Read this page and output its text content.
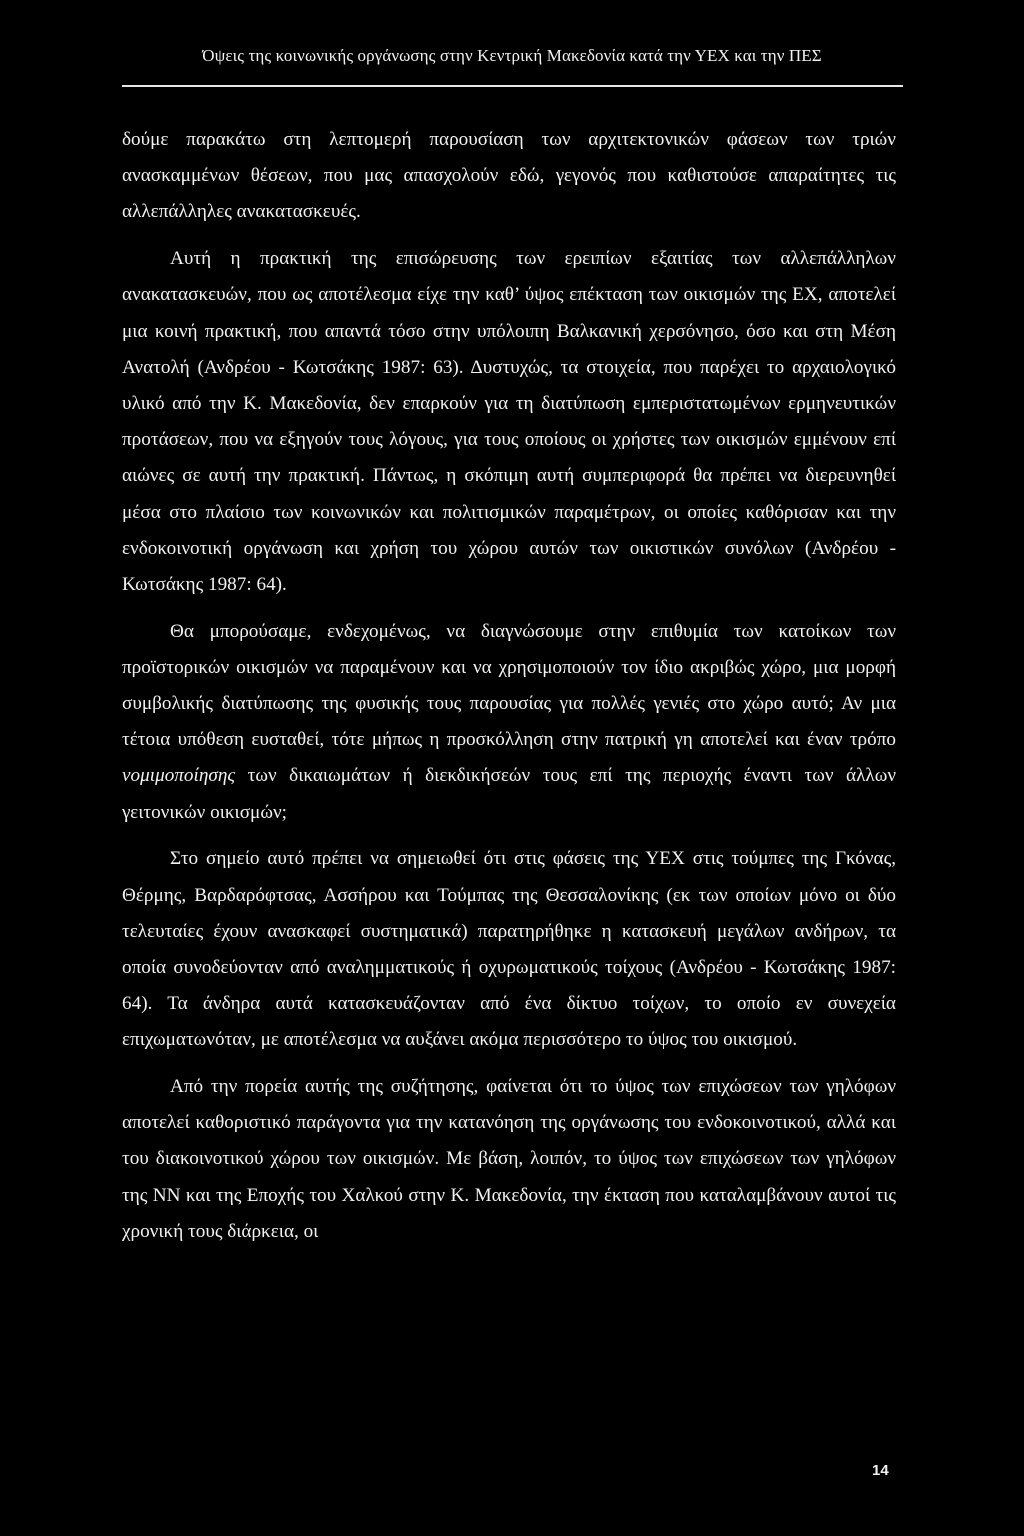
Όψεις της κοινωνικής οργάνωσης στην Κεντρική Μακεδονία κατά την ΥΕΧ και την ΠΕΣ

δούμε παρακάτω στη λεπτομερή παρουσίαση των αρχιτεκτονικών φάσεων των τριών ανασκαμμένων θέσεων, που μας απασχολούν εδώ, γεγονός που καθιστούσε απαραίτητες τις αλλεπάλληλες ανακατασκευές.

Αυτή η πρακτική της επισώρευσης των ερειπίων εξαιτίας των αλλεπάλληλων ανακατασκευών, που ως αποτέλεσμα είχε την καθ’ ύψος επέκταση των οικισμών της ΕΧ, αποτελεί μια κοινή πρακτική, που απαντά τόσο στην υπόλοιπη Βαλκανική χερσόνησο, όσο και στη Μέση Ανατολή (Ανδρέου - Κωτσάκης 1987: 63). Δυστυχώς, τα στοιχεία, που παρέχει το αρχαιολογικό υλικό από την Κ. Μακεδονία, δεν επαρκούν για τη διατύπωση εμπεριστατωμένων ερμηνευτικών προτάσεων, που να εξηγούν τους λόγους, για τους οποίους οι χρήστες των οικισμών εμμένουν επί αιώνες σε αυτή την πρακτική. Πάντως, η σκόπιμη αυτή συμπεριφορά θα πρέπει να διερευνηθεί μέσα στο πλαίσιο των κοινωνικών και πολιτισμικών παραμέτρων, οι οποίες καθόρισαν και την ενδοκοινοτική οργάνωση και χρήση του χώρου αυτών των οικιστικών συνόλων (Ανδρέου - Κωτσάκης 1987: 64).

Θα μπορούσαμε, ενδεχομένως, να διαγνώσουμε στην επιθυμία των κατοίκων των προϊστορικών οικισμών να παραμένουν και να χρησιμοποιούν τον ίδιο ακριβώς χώρο, μια μορφή συμβολικής διατύπωσης της φυσικής τους παρουσίας για πολλές γενιές στο χώρο αυτό; Αν μια τέτοια υπόθεση ευσταθεί, τότε μήπως η προσκόλληση στην πατρική γη αποτελεί και έναν τρόπο νομιμοποίησης των δικαιωμάτων ή διεκδικήσεών τους επί της περιοχής έναντι των άλλων γειτονικών οικισμών;

Στο σημείο αυτό πρέπει να σημειωθεί ότι στις φάσεις της ΥΕΧ στις τούμπες της Γκόνας, Θέρμης, Βαρδαρόφτσας, Ασσήρου και Τούμπας της Θεσσαλονίκης (εκ των οποίων μόνο οι δύο τελευταίες έχουν ανασκαφεί συστηματικά) παρατηρήθηκε η κατασκευή μεγάλων ανδήρων, τα οποία συνοδεύονταν από αναλημματικούς ή οχυρωματικούς τοίχους (Ανδρέου - Κωτσάκης 1987: 64). Τα άνδηρα αυτά κατασκευάζονταν από ένα δίκτυο τοίχων, το οποίο εν συνεχεία επιχωματωνόταν, με αποτέλεσμα να αυξάνει ακόμα περισσότερο το ύψος του οικισμού.

Από την πορεία αυτής της συζήτησης, φαίνεται ότι το ύψος των επιχώσεων των γηλόφων αποτελεί καθοριστικό παράγοντα για την κατανόηση της οργάνωσης του ενδοκοινοτικού, αλλά και του διακοινοτικού χώρου των οικισμών. Με βάση, λοιπόν, το ύψος των επιχώσεων των γηλόφων της ΝΝ και της Εποχής του Χαλκού στην Κ. Μακεδονία, την έκταση που καταλαμβάνουν αυτοί τις χρονική τους διάρκεια, οι

14
